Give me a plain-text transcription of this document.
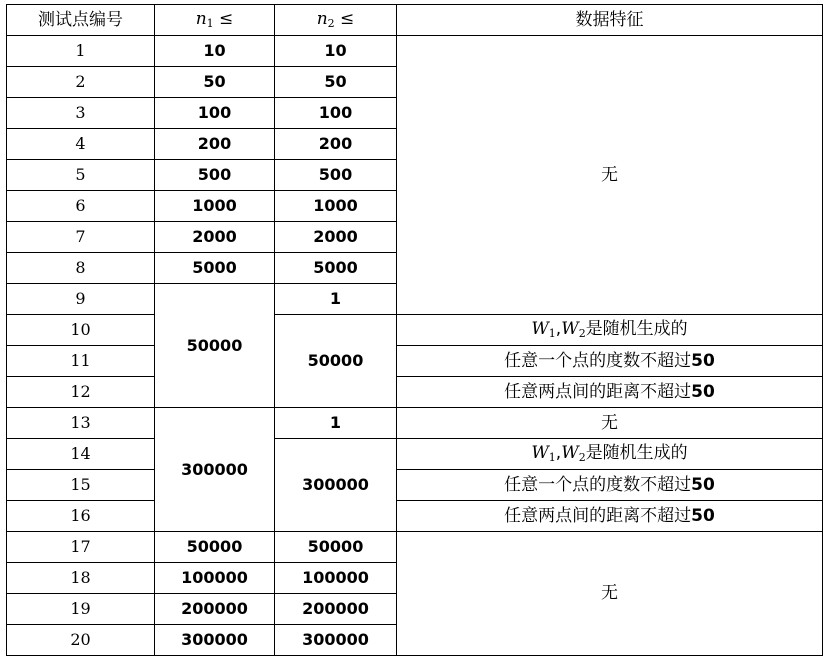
测试点编号	$n_1$ ≤	$n_2$ ≤	数据特征
1	10	10	无
2	50	50	
3	100	100	
4	200	200	
5	500	500	
6	1000	1000	
7	2000	2000	
8	5000	5000	
9	50000	1	
10		50000	$W_1,W_2$是随机生成的
11			任意一个点的度数不超过50
12			任意两点间的距离不超过50
13	300000	1	无
14		300000	$W_1,W_2$是随机生成的
15			任意一个点的度数不超过50
16			任意两点间的距离不超过50
17	50000	50000	无
18	100000	100000	
19	200000	200000	
20	300000	300000	
